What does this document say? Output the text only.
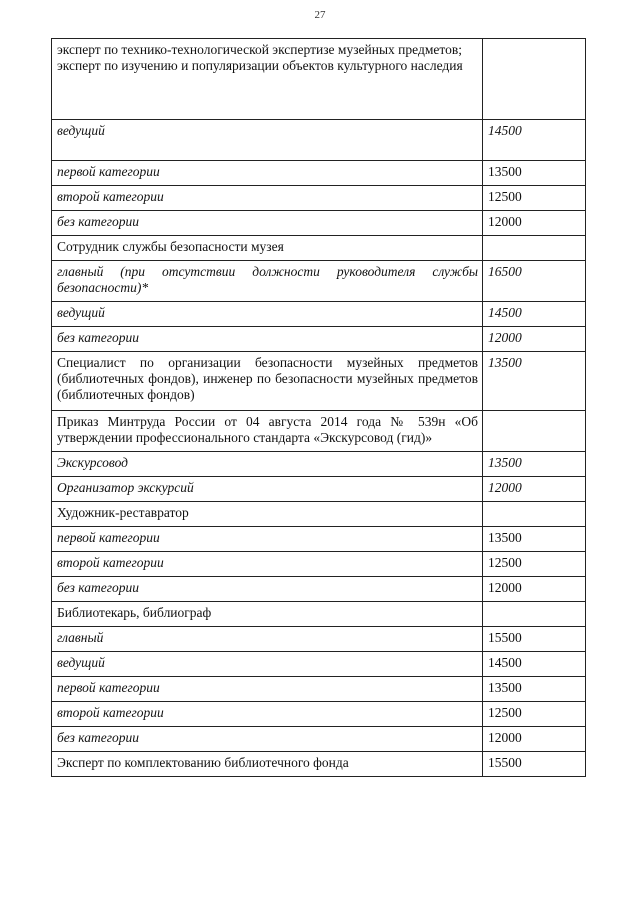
27
эксперт по технико-технологической экспертизе музейных предметов;
эксперт по изучению и популяризации объектов культурного наследия	

ведущий	14500
первой категории	13500
второй категории	12500
без категории	12000
Сотрудник службы безопасности музея	
главный (при отсутствии должности руководителя службы безопасности)*	16500
ведущий	14500
без категории	12000
Специалист по организации безопасности музейных предметов (библиотечных фондов), инженер по безопасности музейных предметов (библиотечных фондов)	13500
Приказ Минтруда России от 04 августа 2014 года № 539н «Об утверждении профессионального стандарта «Экскурсовод (гид)»	
Экскурсовод	13500
Организатор экскурсий	12000
Художник-реставратор	
первой категории	13500
второй категории	12500
без категории	12000
Библиотекарь, библиограф	
главный	15500
ведущий	14500
первой категории	13500
второй категории	12500
без категории	12000
Эксперт по комплектованию библиотечного фонда	15500
